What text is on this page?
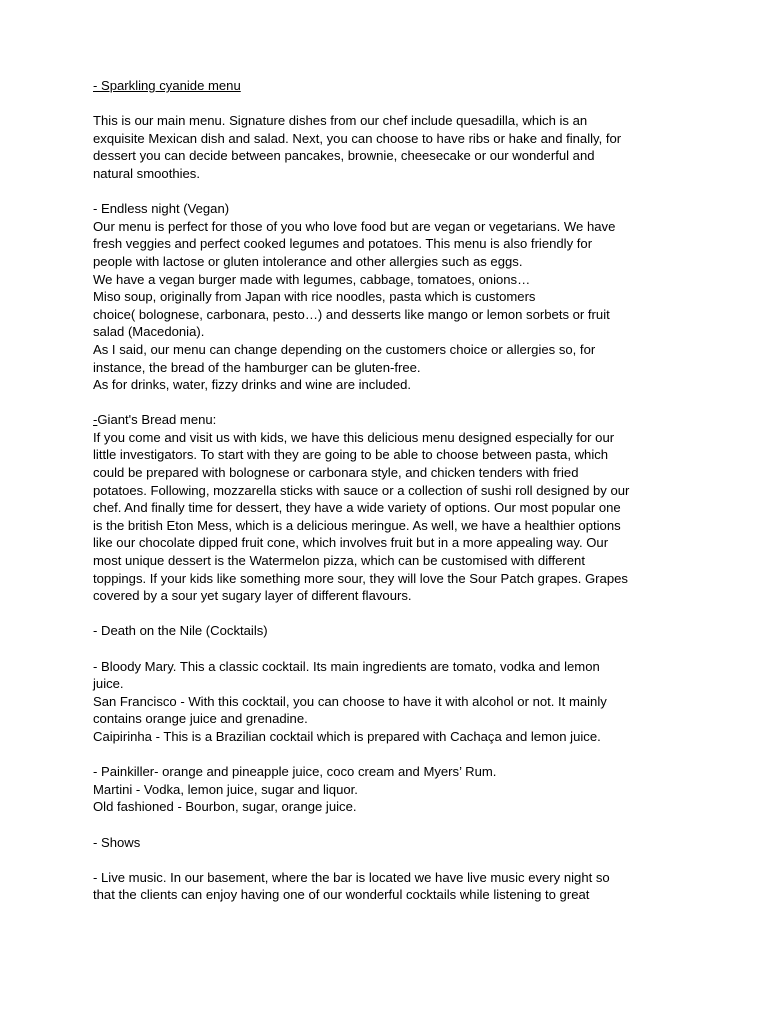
- Sparkling cyanide menu
This is our main menu. Signature dishes from our chef include quesadilla, which is an
exquisite Mexican dish and salad. Next, you can choose to have ribs or hake and finally, for
dessert you can decide between pancakes, brownie, cheesecake or our wonderful and
natural smoothies.
- Endless night (Vegan)
Our menu is perfect for those of you who love food but are vegan or vegetarians. We have
fresh veggies and perfect cooked legumes and potatoes. This menu is also friendly for
people with lactose or gluten intolerance and other allergies such as eggs.
We have a vegan burger made with legumes, cabbage, tomatoes, onions…
Miso soup, originally from Japan with rice noodles, pasta which is customers
choice( bolognese, carbonara, pesto…) and desserts like mango or lemon sorbets or fruit
salad (Macedonia).
As I said, our menu can change depending on the customers choice or allergies so, for
instance, the bread of the hamburger can be gluten-free.
As for drinks, water, fizzy drinks and wine are included.
-Giant's Bread menu:
If you come and visit us with kids, we have this delicious menu designed especially for our
little investigators. To start with they are going to be able to choose between pasta, which
could be prepared with bolognese or carbonara style, and chicken tenders with fried
potatoes. Following, mozzarella sticks with sauce or a collection of sushi roll designed by our
chef. And finally time for dessert, they have a wide variety of options. Our most popular one
is the british Eton Mess, which is a delicious meringue. As well, we have a healthier options
like our chocolate dipped fruit cone, which involves fruit but in a more appealing way. Our
most unique dessert is the Watermelon pizza, which can be customised with different
toppings. If your kids like something more sour, they will love the Sour Patch grapes. Grapes
covered by a sour yet sugary layer of different flavours.
- Death on the Nile (Cocktails)
- Bloody Mary. This a classic cocktail. Its main ingredients are tomato, vodka and lemon
juice.
San Francisco - With this cocktail, you can choose to have it with alcohol or not. It mainly
contains orange juice and grenadine.
Caipirinha - This is a Brazilian cocktail which is prepared with Cachaça and lemon juice.
- Painkiller- orange and pineapple juice, coco cream and Myers’ Rum.
Martini - Vodka, lemon juice, sugar and liquor.
Old fashioned - Bourbon, sugar, orange juice.
- Shows
- Live music. In our basement, where the bar is located we have live music every night so
that the clients can enjoy having one of our wonderful cocktails while listening to great
